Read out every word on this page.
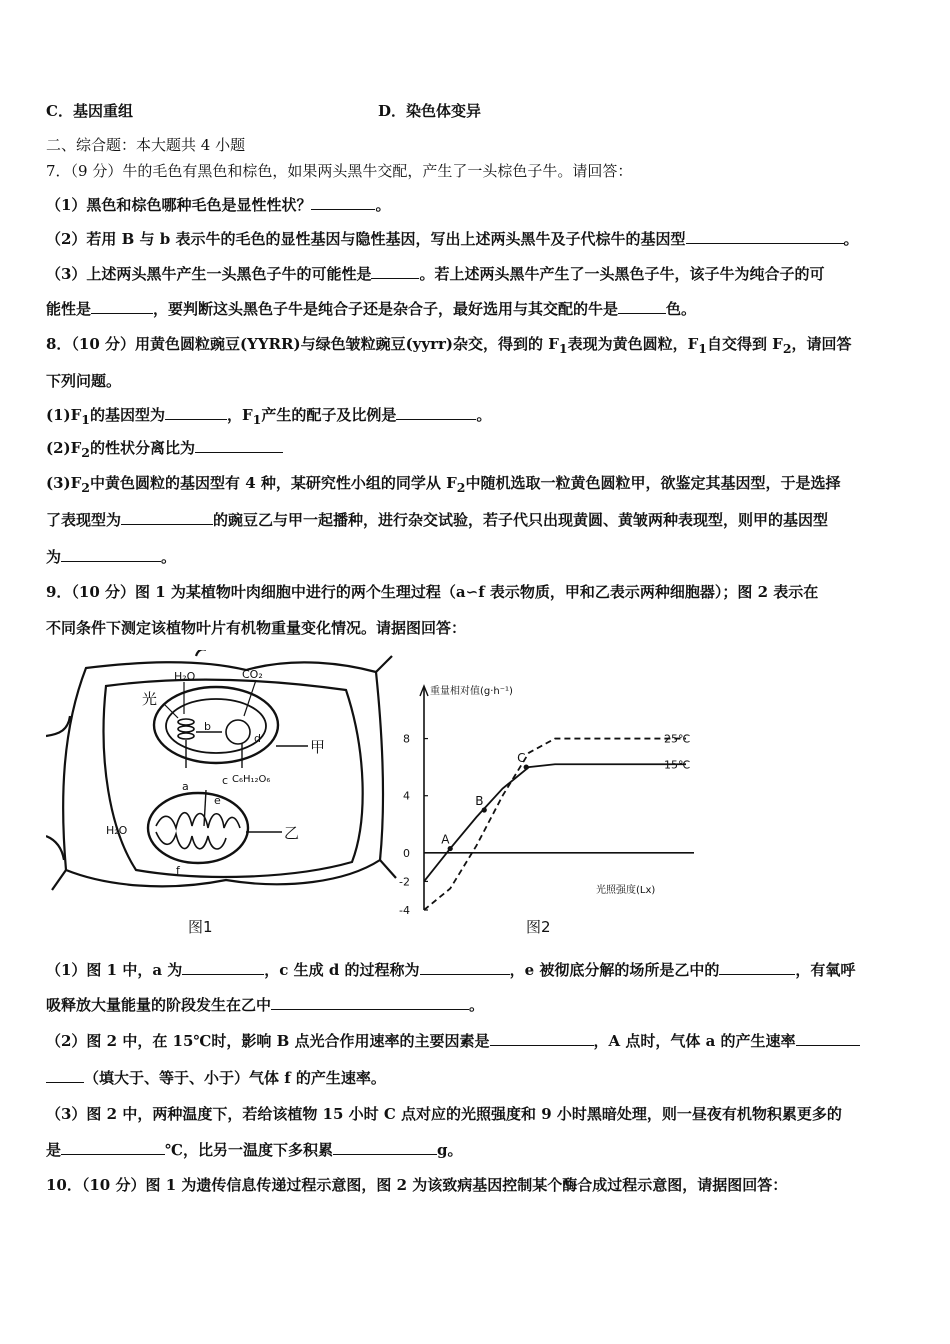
C．基因重组	D．染色体变异
二、综合题：本大题共 4 小题
7．（9 分）牛的毛色有黑色和棕色，如果两头黑牛交配，产生了一头棕色子牛。请回答：
（1）黑色和棕色哪种毛色是显性性状？	。
（2）若用 B 与 b 表示牛的毛色的显性基因与隐性基因，写出上述两头黑牛及子代棕牛的基因型	。
（3）上述两头黑牛产生一头黑色子牛的可能性是	。若上述两头黑牛产生了一头黑色子牛，该子牛为纯合子的可
能性是	，要判断这头黑色子牛是纯合子还是杂合子，最好选用与其交配的牛是	色。
8．（10 分）用黄色圆粒豌豆(YYRR)与绿色皱粒豌豆(yyrr)杂交，得到的 $F_1$表现为黄色圆粒，$F_1$自交得到 $F_2$，请回答
下列问题。
$(1)F_1$的基因型为	，$F_1$产生的配子及比例是	。
$(2)F_2$的性状分离比为
$(3)F_2$中黄色圆粒的基因型有 4 种，某研究性小组的同学从 $F_2$中随机选取一粒黄色圆粒甲，欲鉴定其基因型，于是选择
了表现型为	的豌豆乙与甲一起播种，进行杂交试验，若子代只出现黄圆、黄皱两种表现型，则甲的基因型
为	。
9．（10 分）图 1 为某植物叶肉细胞中进行的两个生理过程（a∽f 表示物质，甲和乙表示两种细胞器）；图 2 表示在
不同条件下测定该植物叶片有机物重量变化情况。请据图回答：
H₂O	CO₂
光
b
d	甲
a
C₆H₁₂O₆
c
e
H₂O	乙
f
图1
-4
-2
0
4
8
重量相对值(g·h⁻¹)
光照强度(Lx)
25℃
15℃
A
B
C
图2
（1）图 1 中，a 为	，c 生成 d 的过程称为	，e 被彻底分解的场所是乙中的	，有氧呼
吸释放大量能量的阶段发生在乙中	。
（2）图 2 中，在 15℃时，影响 B 点光合作用速率的主要因素是	，A 点时，气体 a 的产生速率
（填大于、等于、小于）气体 f 的产生速率。
（3）图 2 中，两种温度下，若给该植物 15 小时 C 点对应的光照强度和 9 小时黑暗处理，则一昼夜有机物积累更多的
是	℃，比另一温度下多积累	g。
10．（10 分）图 1 为遗传信息传递过程示意图，图 2 为该致病基因控制某个酶合成过程示意图，请据图回答：
